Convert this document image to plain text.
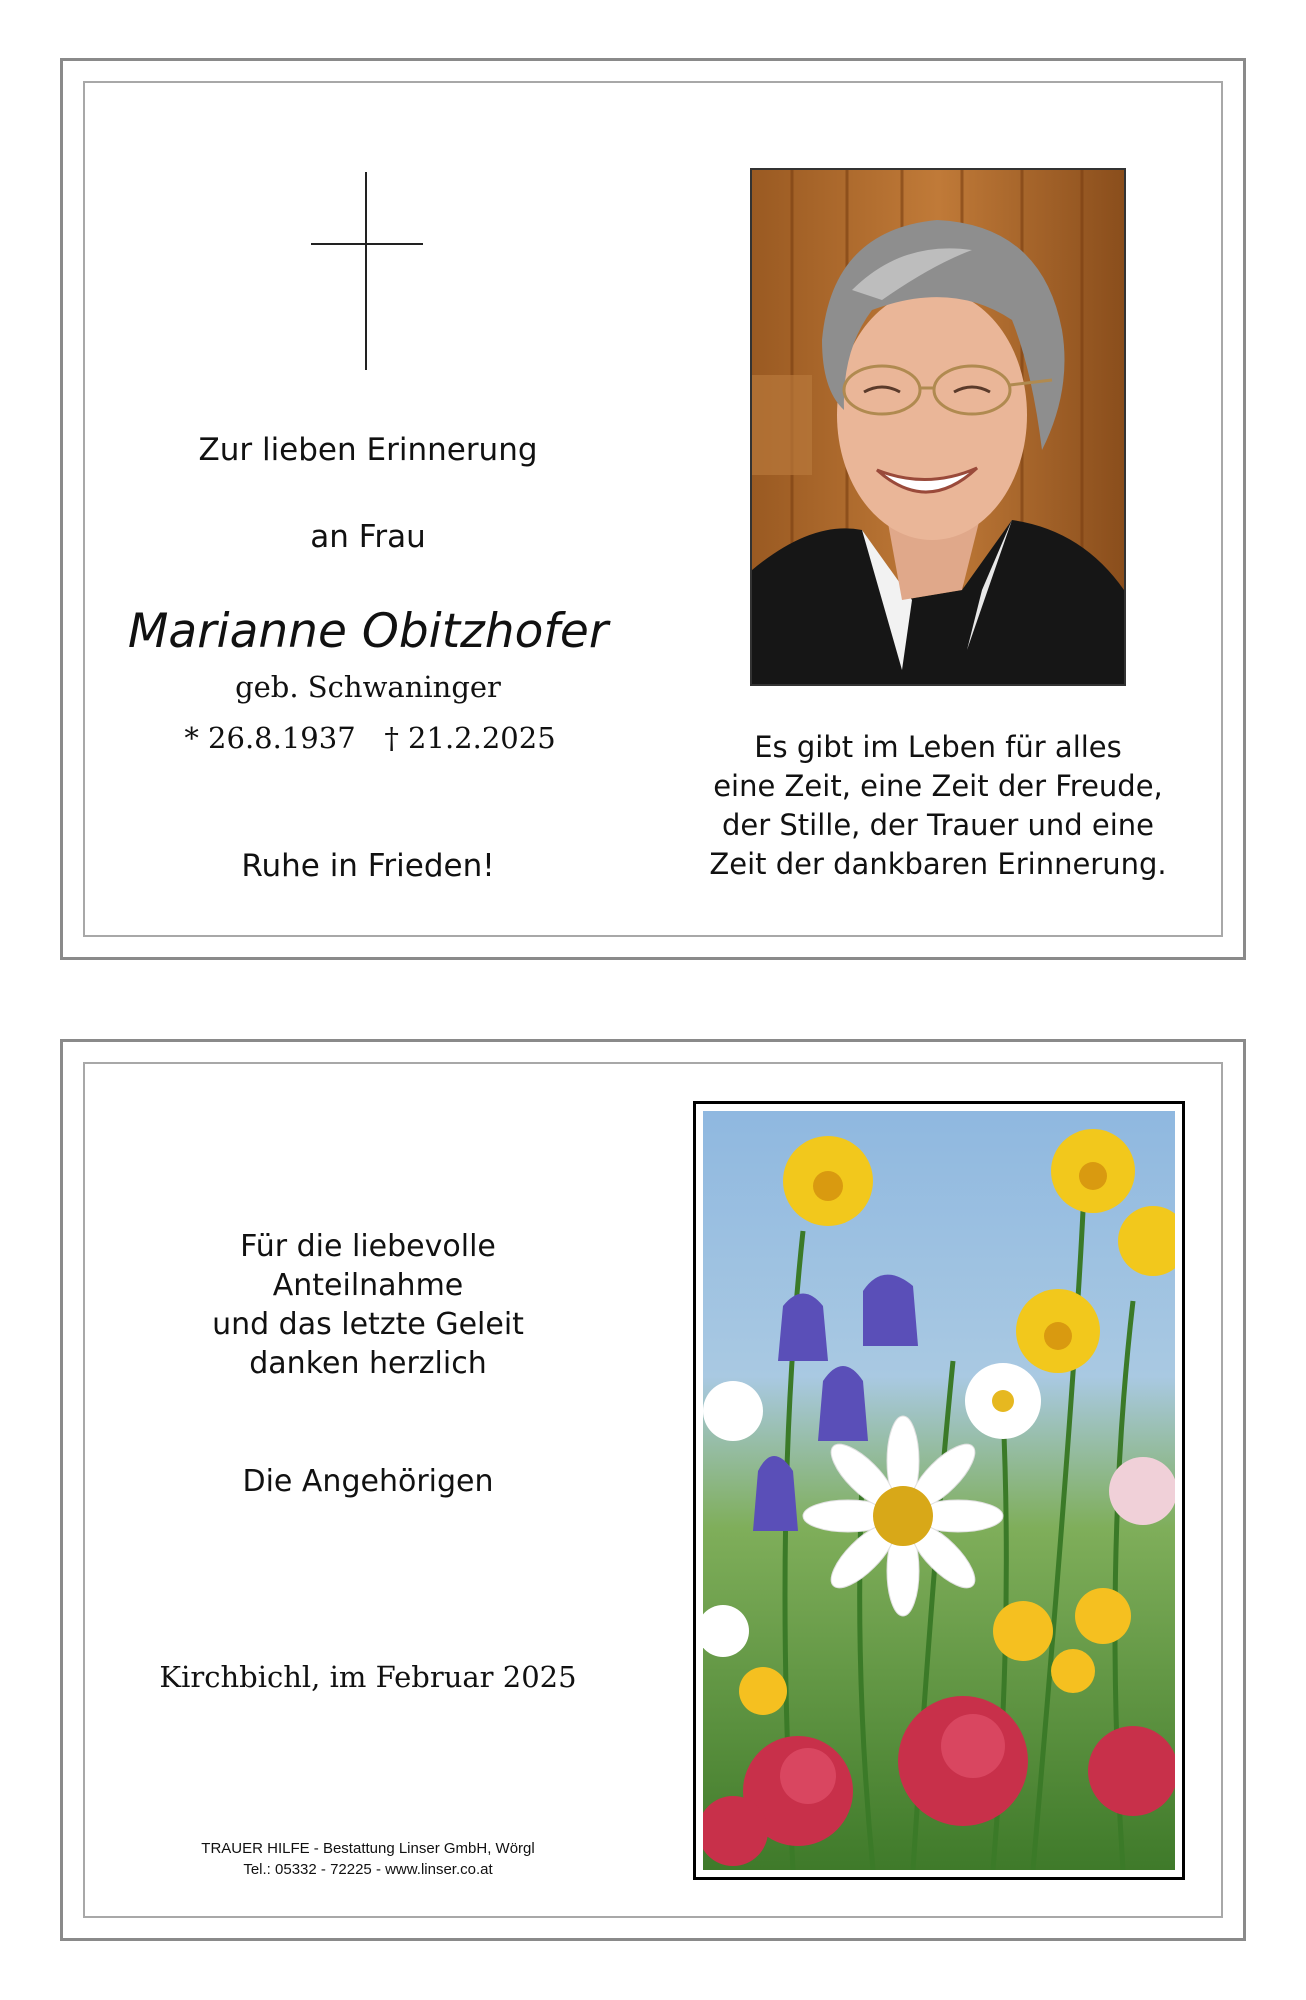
Zur lieben Erinnerung
an Frau
Marianne Obitzhofer
geb. Schwaninger
* 26.8.1937 † 21.2.2025
Ruhe in Frieden!
Es gibt im Leben für alles
eine Zeit, eine Zeit der Freude,
der Stille, der Trauer und eine
Zeit der dankbaren Erinnerung.
Für die liebevolle
Anteilnahme
und das letzte Geleit
danken herzlich
Die Angehörigen
Kirchbichl, im Februar 2025
TRAUER HILFE - Bestattung Linser GmbH, Wörgl
Tel.: 05332 - 72225 - www.linser.co.at
